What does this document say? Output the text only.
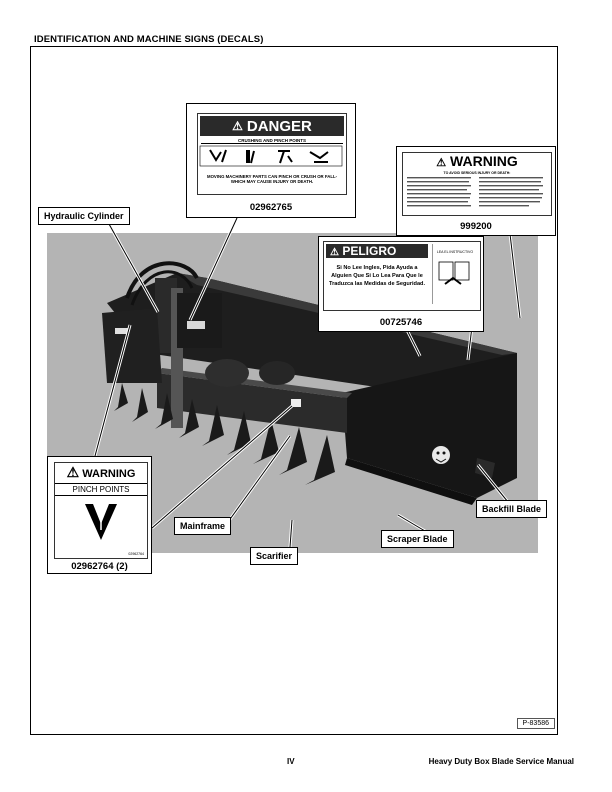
IDENTIFICATION AND MACHINE SIGNS (DECALS)
Hydraulic Cylinder
Mainframe
Scarifier
Scraper Blade
Backfill Blade
⚠ DANGER
CRUSHING AND PINCH POINTS
MOVING MACHINERY PARTS CAN PINCH OR CRUSH OR FALL-WHICH MAY CAUSE INJURY OR DEATH.
02962765
⚠ WARNING
TO AVOID SERIOUS INJURY OR DEATH:
999200
⚠ PELIGRO
Si No Lee Ingles, Pida Ayuda a Alguien Que Si Lo Lea Para Que le Traduzca las Medidas de Seguridad.
LEA EL INSTRUCTIVO
00725746
⚠ WARNING
PINCH POINTS
02962764
02962764 (2)
P-83586
IV	Heavy Duty Box Blade Service Manual
